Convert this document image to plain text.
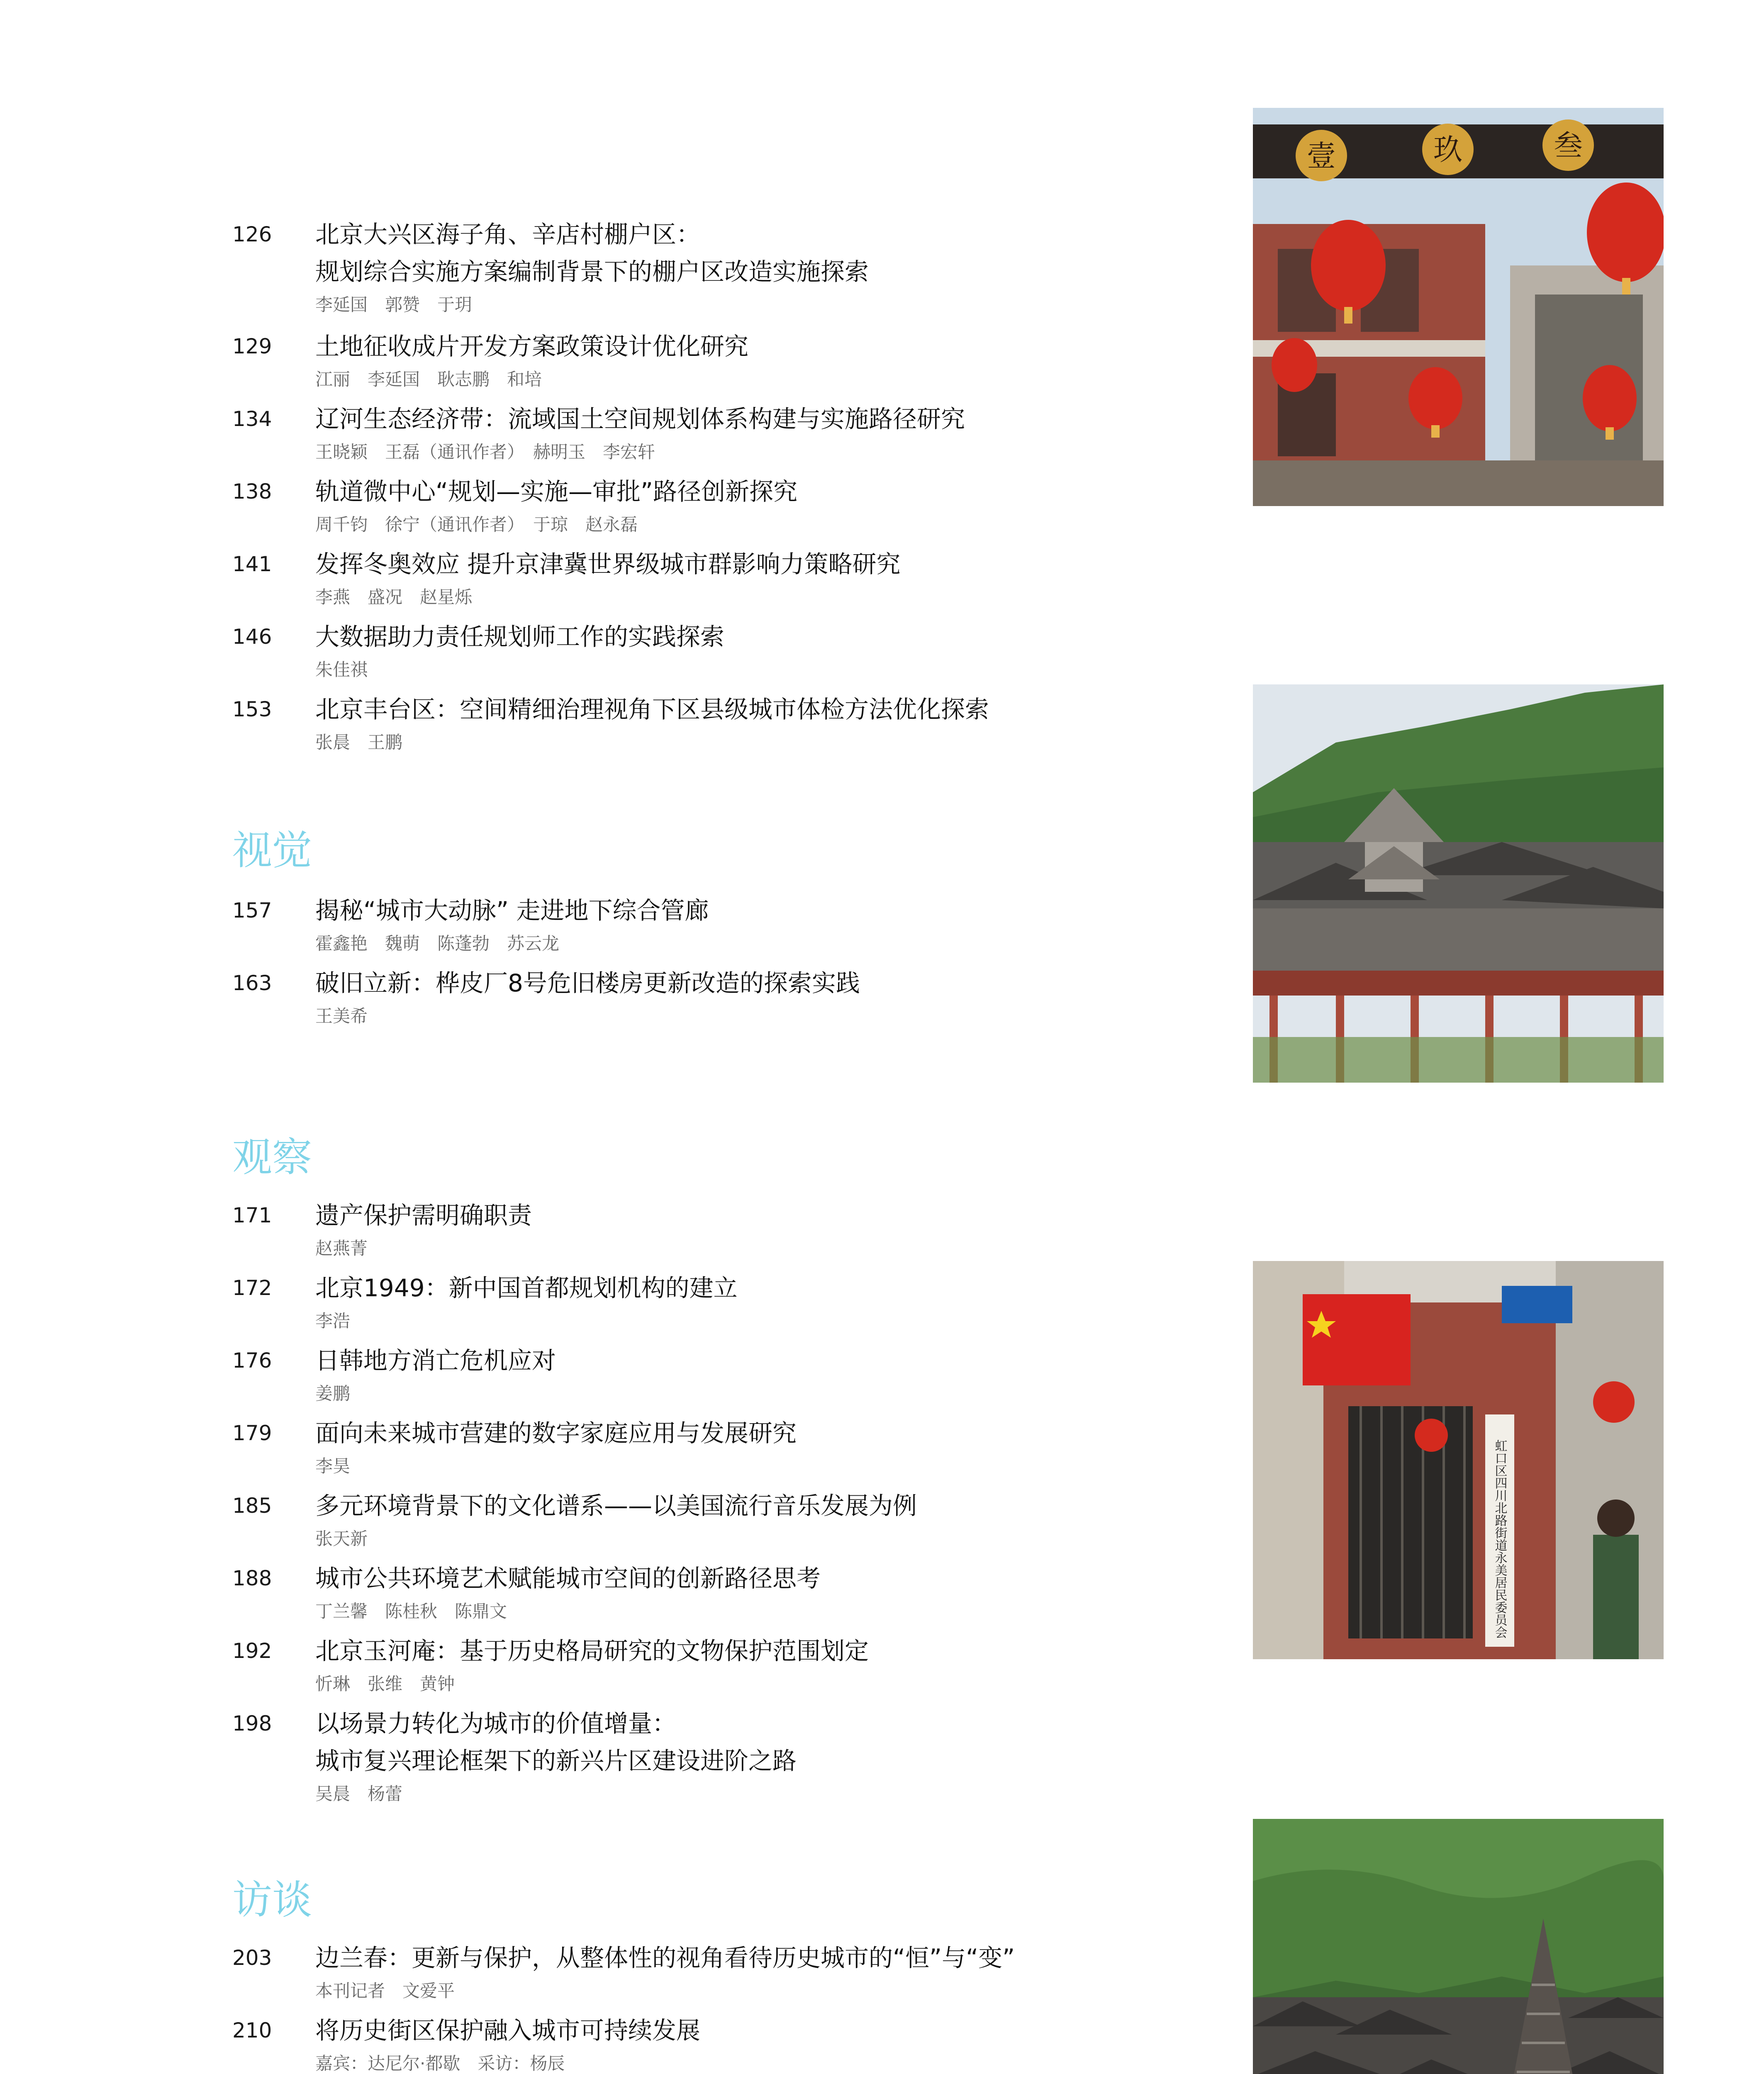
126 北京大兴区海子角、辛店村棚户区：
规划综合实施方案编制背景下的棚户区改造实施探索
李延国　郭赞　于玥
129 土地征收成片开发方案政策设计优化研究
江丽　李延国　耿志鹏　和培
134 辽河生态经济带：流域国土空间规划体系构建与实施路径研究
王晓颖　王磊（通讯作者）　赫明玉　李宏轩
138 轨道微中心“规划—实施—审批”路径创新探究
周千钧　徐宁（通讯作者）　于琼　赵永磊
141 发挥冬奥效应 提升京津冀世界级城市群影响力策略研究
李燕　盛况　赵星烁
146 大数据助力责任规划师工作的实践探索
朱佳祺
153 北京丰台区：空间精细治理视角下区县级城市体检方法优化探索
张晨　王鹏
视觉
157 揭秘“城市大动脉” 走进地下综合管廊
霍鑫艳　魏萌　陈蓬勃　苏云龙
163 破旧立新：桦皮厂8号危旧楼房更新改造的探索实践
王美希
观察
171 遗产保护需明确职责
赵燕菁
172 北京1949：新中国首都规划机构的建立
李浩
176 日韩地方消亡危机应对
姜鹏
179 面向未来城市营建的数字家庭应用与发展研究
李昊
185 多元环境背景下的文化谱系——以美国流行音乐发展为例
张天新
188 城市公共环境艺术赋能城市空间的创新路径思考
丁兰馨　陈桂秋　陈鼎文
192 北京玉河庵：基于历史格局研究的文物保护范围划定
忻琳　张维　黄钟
198 以场景力转化为城市的价值增量：
城市复兴理论框架下的新兴片区建设进阶之路
吴晨　杨蕾
访谈
203 边兰春：更新与保护，从整体性的视角看待历史城市的“恒”与“变”
本刊记者　文爱平
210 将历史街区保护融入城市可持续发展
嘉宾：达尼尔·都歇　采访：杨辰
壹	玖	叁
虹口区四川北路街道永美居民委员会
